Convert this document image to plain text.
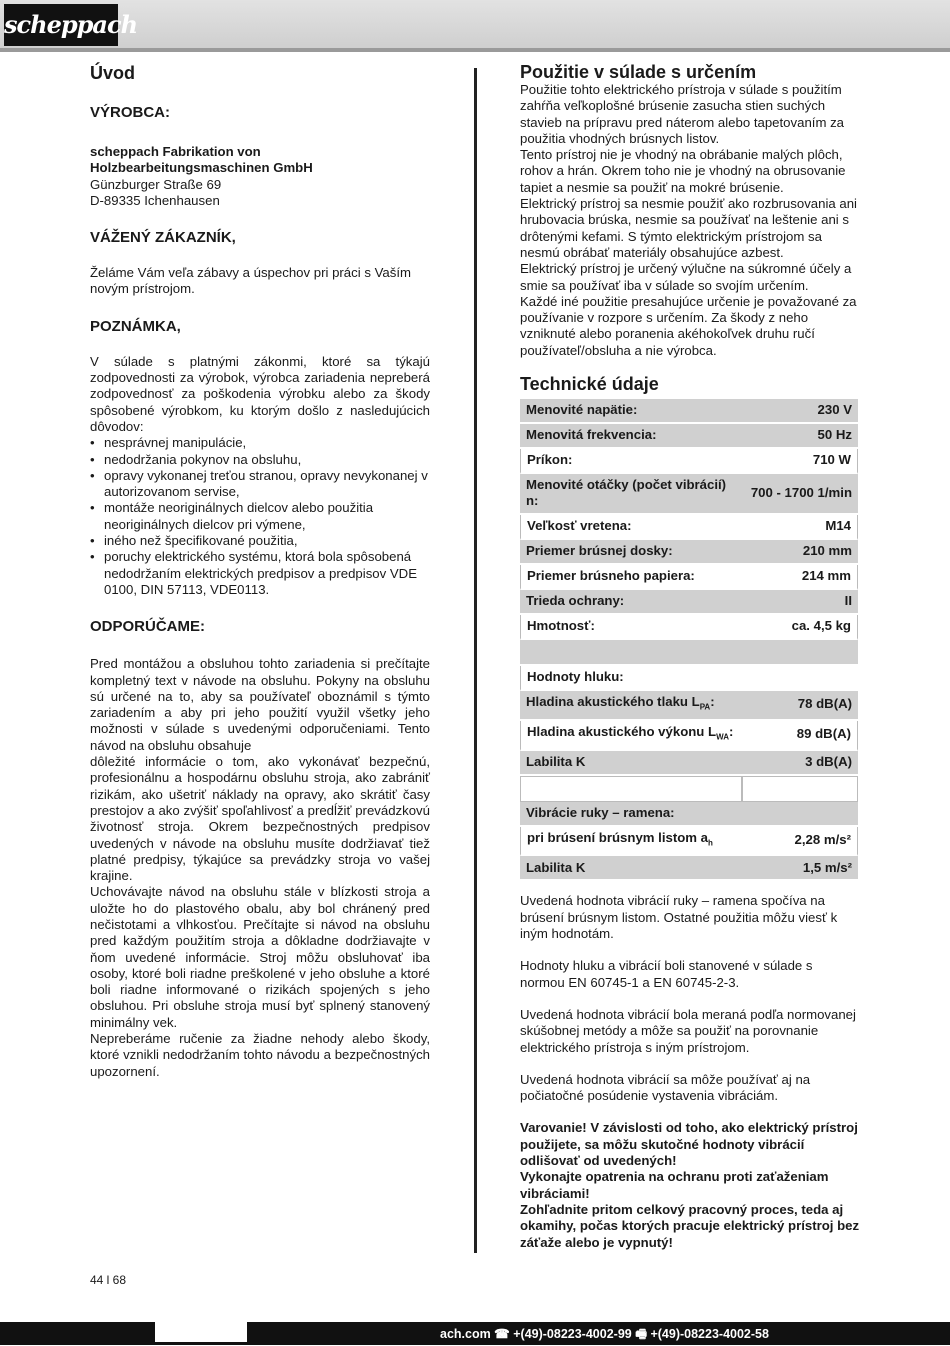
scheppach
Úvod
VÝROBCA:

scheppach Fabrikation von

Holzbearbeitungsmaschinen GmbH

Günzburger Straße 69

D-89335 Ichenhausen

VÁŽENÝ ZÁKAZNÍK,

Želáme Vám veľa zábavy a úspechov pri práci s Vaším novým prístrojom.

POZNÁMKA,

V súlade s platnými zákonmi, ktoré sa týkajú zodpovednosti za výrobok, výrobca zariadenia nepreberá zodpovednosť za poškodenia výrobku alebo za škody spôsobené výrobkom, ku ktorým došlo z nasledujúcich dôvodov:

• nesprávnej manipulácie,
• nedodržania pokynov na obsluhu,
• opravy vykonanej treťou stranou, opravy nevykonanej v autorizovanom servise,
• montáže neoriginálnych dielcov alebo použitia neoriginálnych dielcov pri výmene,
• iného než špecifikované použitia,
• poruchy elektrického systému, ktorá bola spôsobená nedodržaním elektrických predpisov a predpisov VDE 0100, DIN 57113, VDE0113.
ODPORÚČAME:

Pred montážou a obsluhou tohto zariadenia si prečítajte kompletný text v návode na obsluhu. Pokyny na obsluhu sú určené na to, aby sa používateľ oboznámil s týmto zariadením a aby pri jeho použití využil všetky jeho možnosti v súlade s uvedenými odporučeniami. Tento návod na obsluhu obsahuje

dôležité informácie o tom, ako vykonávať bezpečnú, profesionálnu a hospodárnu obsluhu stroja, ako zabrániť rizikám, ako ušetriť náklady na opravy, ako skrátiť časy prestojov a ako zvýšiť spoľahlivosť a predĺžiť prevádzkovú životnosť stroja. Okrem bezpečnostných predpisov uvedených v návode na obsluhu musíte dodržiavať tiež platné predpisy, týkajúce sa prevádzky stroja vo vašej krajine.

Uchovávajte návod na obsluhu stále v blízkosti stroja a uložte ho do plastového obalu, aby bol chránený pred nečistotami a vlhkosťou. Prečítajte si návod na obsluhu pred každým použitím stroja a dôkladne dodržiavajte v ňom uvedené informácie. Stroj môžu obsluhovať iba osoby, ktoré boli riadne preškolené v jeho obsluhe a ktoré boli riadne informované o rizikách spojených s jeho obsluhou. Pri obsluhe stroja musí byť splnený stanovený minimálny vek.

Nepreberáme ručenie za žiadne nehody alebo škody, ktoré vznikli nedodržaním tohto návodu a bezpečnostných upozornení.

Použitie v súlade s určením

Použitie tohto elektrického prístroja v súlade s použitím zahŕňa veľkoplošné brúsenie zasucha stien suchých stavieb na prípravu pred náterom alebo tapetovaním za použitia vhodných brúsnych listov.

Tento prístroj nie je vhodný na obrábanie malých plôch, rohov a hrán. Okrem toho nie je vhodný na obrusovanie tapiet a nesmie sa použiť na mokré brúsenie.

Elektrický prístroj sa nesmie použiť ako rozbrusovania ani hrubovacia brúska, nesmie sa používať na leštenie ani s drôtenými kefami. S týmto elektrickým prístrojom sa nesmú obrábať materiály obsahujúce azbest.

Elektrický prístroj je určený výlučne na súkromné účely a smie sa používať iba v súlade so svojím určením.

Každé iné použitie presahujúce určenie je považované za používanie v rozpore s určením. Za škody z neho vzniknuté alebo poranenia akéhokoľvek druhu ručí používateľ/obsluha a nie výrobca.

Technické údaje
Menovité napätie:	230 V
Menovitá frekvencia:	50 Hz
Príkon:	710 W
Menovité otáčky (počet vibrácií) n:	700 - 1700 1/min
Veľkosť vretena:	M14
Priemer brúsnej dosky:	210 mm
Priemer brúsneho papiera:	214 mm
Trieda ochrany:	II
Hmotnosť:	ca. 4,5 kg

Hodnoty hluku:	
Hladina akustického tlaku $L_{PA}$:	78 dB(A)
Hladina akustického výkonu $L_{WA}$:	89 dB(A)
Labilita K	3 dB(A)

Vibrácie ruky – ramena:	
pri brúsení brúsnym listom $a_h$	2,28 m/s²
Labilita K	1,5 m/s²

Uvedená hodnota vibrácií ruky – ramena spočíva na brúsení brúsnym listom. Ostatné použitia môžu viesť k iným hodnotám.

Hodnoty hluku a vibrácií boli stanovené v súlade s normou EN 60745-1 a EN 60745-2-3.

Uvedená hodnota vibrácií bola meraná podľa normovanej skúšobnej metódy a môže sa použiť na porovnanie elektrického prístroja s iným prístrojom.

Uvedená hodnota vibrácií sa môže používať aj na počiatočné posúdenie vystavenia vibráciám.

Varovanie! V závislosti od toho, ako elektrický prístroj použijete, sa môžu skutočné hodnoty vibrácií odlišovať od uvedených!

Vykonajte opatrenia na ochranu proti zaťaženiam vibráciami!

Zohľadnite pritom celkový pracovný proces, teda aj okamihy, počas ktorých pracuje elektrický prístroj bez záťaže alebo je vypnutý!

44 l 68
ach.com ☎ +(49)-08223-4002-99 🖷 +(49)-08223-4002-58
